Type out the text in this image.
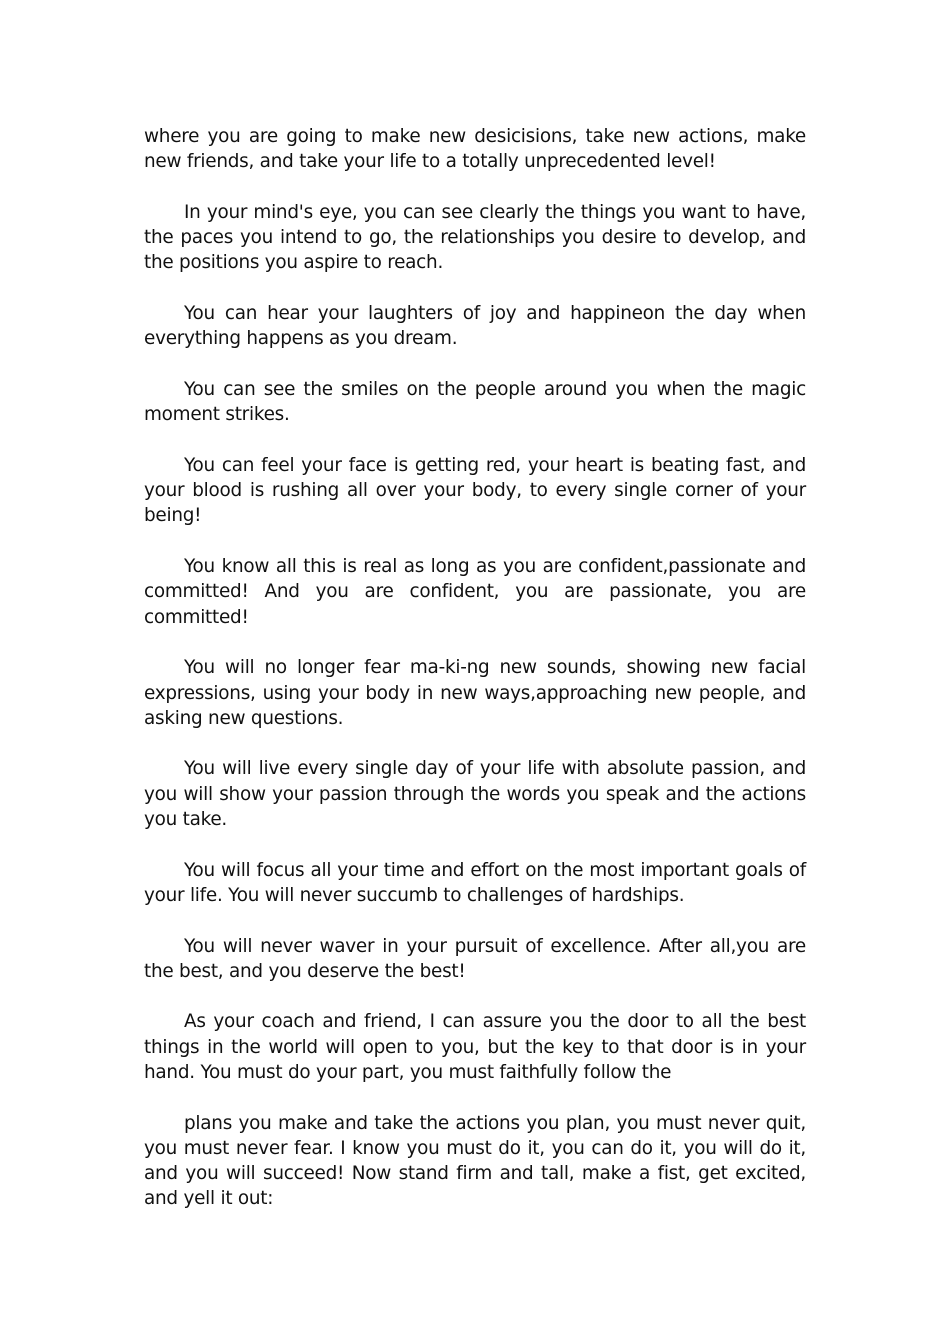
where you are going to make new desicisions, take new actions, make new friends, and take your life to a totally unprecedented level!

In your mind's eye, you can see clearly the things you want to have, the paces you intend to go, the relationships you desire to develop, and the positions you aspire to reach.

You can hear your laughters of joy and happineon the day when everything happens as you dream.

You can see the smiles on the people around you when the magic moment strikes.

You can feel your face is getting red, your heart is beating fast, and your blood is rushing all over your body, to every single corner of your being!

You know all this is real as long as you are confident,passionate and committed! And you are confident, you are passionate, you are committed!

You will no longer fear ma-ki-ng new sounds, showing new facial expressions, using your body in new ways,approaching new people, and asking new questions.

You will live every single day of your life with absolute passion, and you will show your passion through the words you speak and the actions you take.

You will focus all your time and effort on the most important goals of your life. You will never succumb to challenges of hardships.

You will never waver in your pursuit of excellence. After all,you are the best, and you deserve the best!

As your coach and friend, I can assure you the door to all the best things in the world will open to you, but the key to that door is in your hand. You must do your part, you must faithfully follow the

plans you make and take the actions you plan, you must never quit, you must never fear. I know you must do it, you can do it, you will do it, and you will succeed! Now stand firm and tall, make a fist, get excited, and yell it out:
